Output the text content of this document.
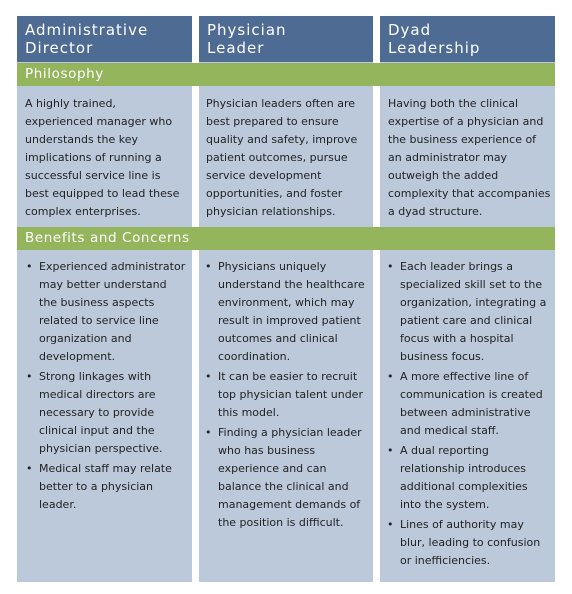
Administrative
Director
Physician
Leader
Dyad
Leadership
Philosophy
Benefits and Concerns

A highly trained, experienced manager who understands the key implications of running a successful service line is best equipped to lead these complex enterprises.

Physician leaders often are best prepared to ensure quality and safety, improve patient outcomes, pursue service development opportunities, and foster physician relationships.

Having both the clinical expertise of a physician and the business experience of an administrator may outweigh the added complexity that accompanies a dyad structure.

• Experienced administrator may better understand the business aspects related to service line organization and development.
• Strong linkages with medical directors are necessary to provide clinical input and the physician perspective.
• Medical staff may relate better to a physician leader.
• Physicians uniquely understand the healthcare environment, which may result in improved patient outcomes and clinical coordination.
• It can be easier to recruit top physician talent under this model.
• Finding a physician leader who has business experience and can balance the clinical and management demands of the position is difficult.
• Each leader brings a specialized skill set to the organization, integrating a patient care and clinical focus with a hospital business focus.
• A more effective line of communication is created between administrative and medical staff.
• A dual reporting relationship introduces additional complexities into the system.
• Lines of authority may blur, leading to confusion or inefficiencies.
